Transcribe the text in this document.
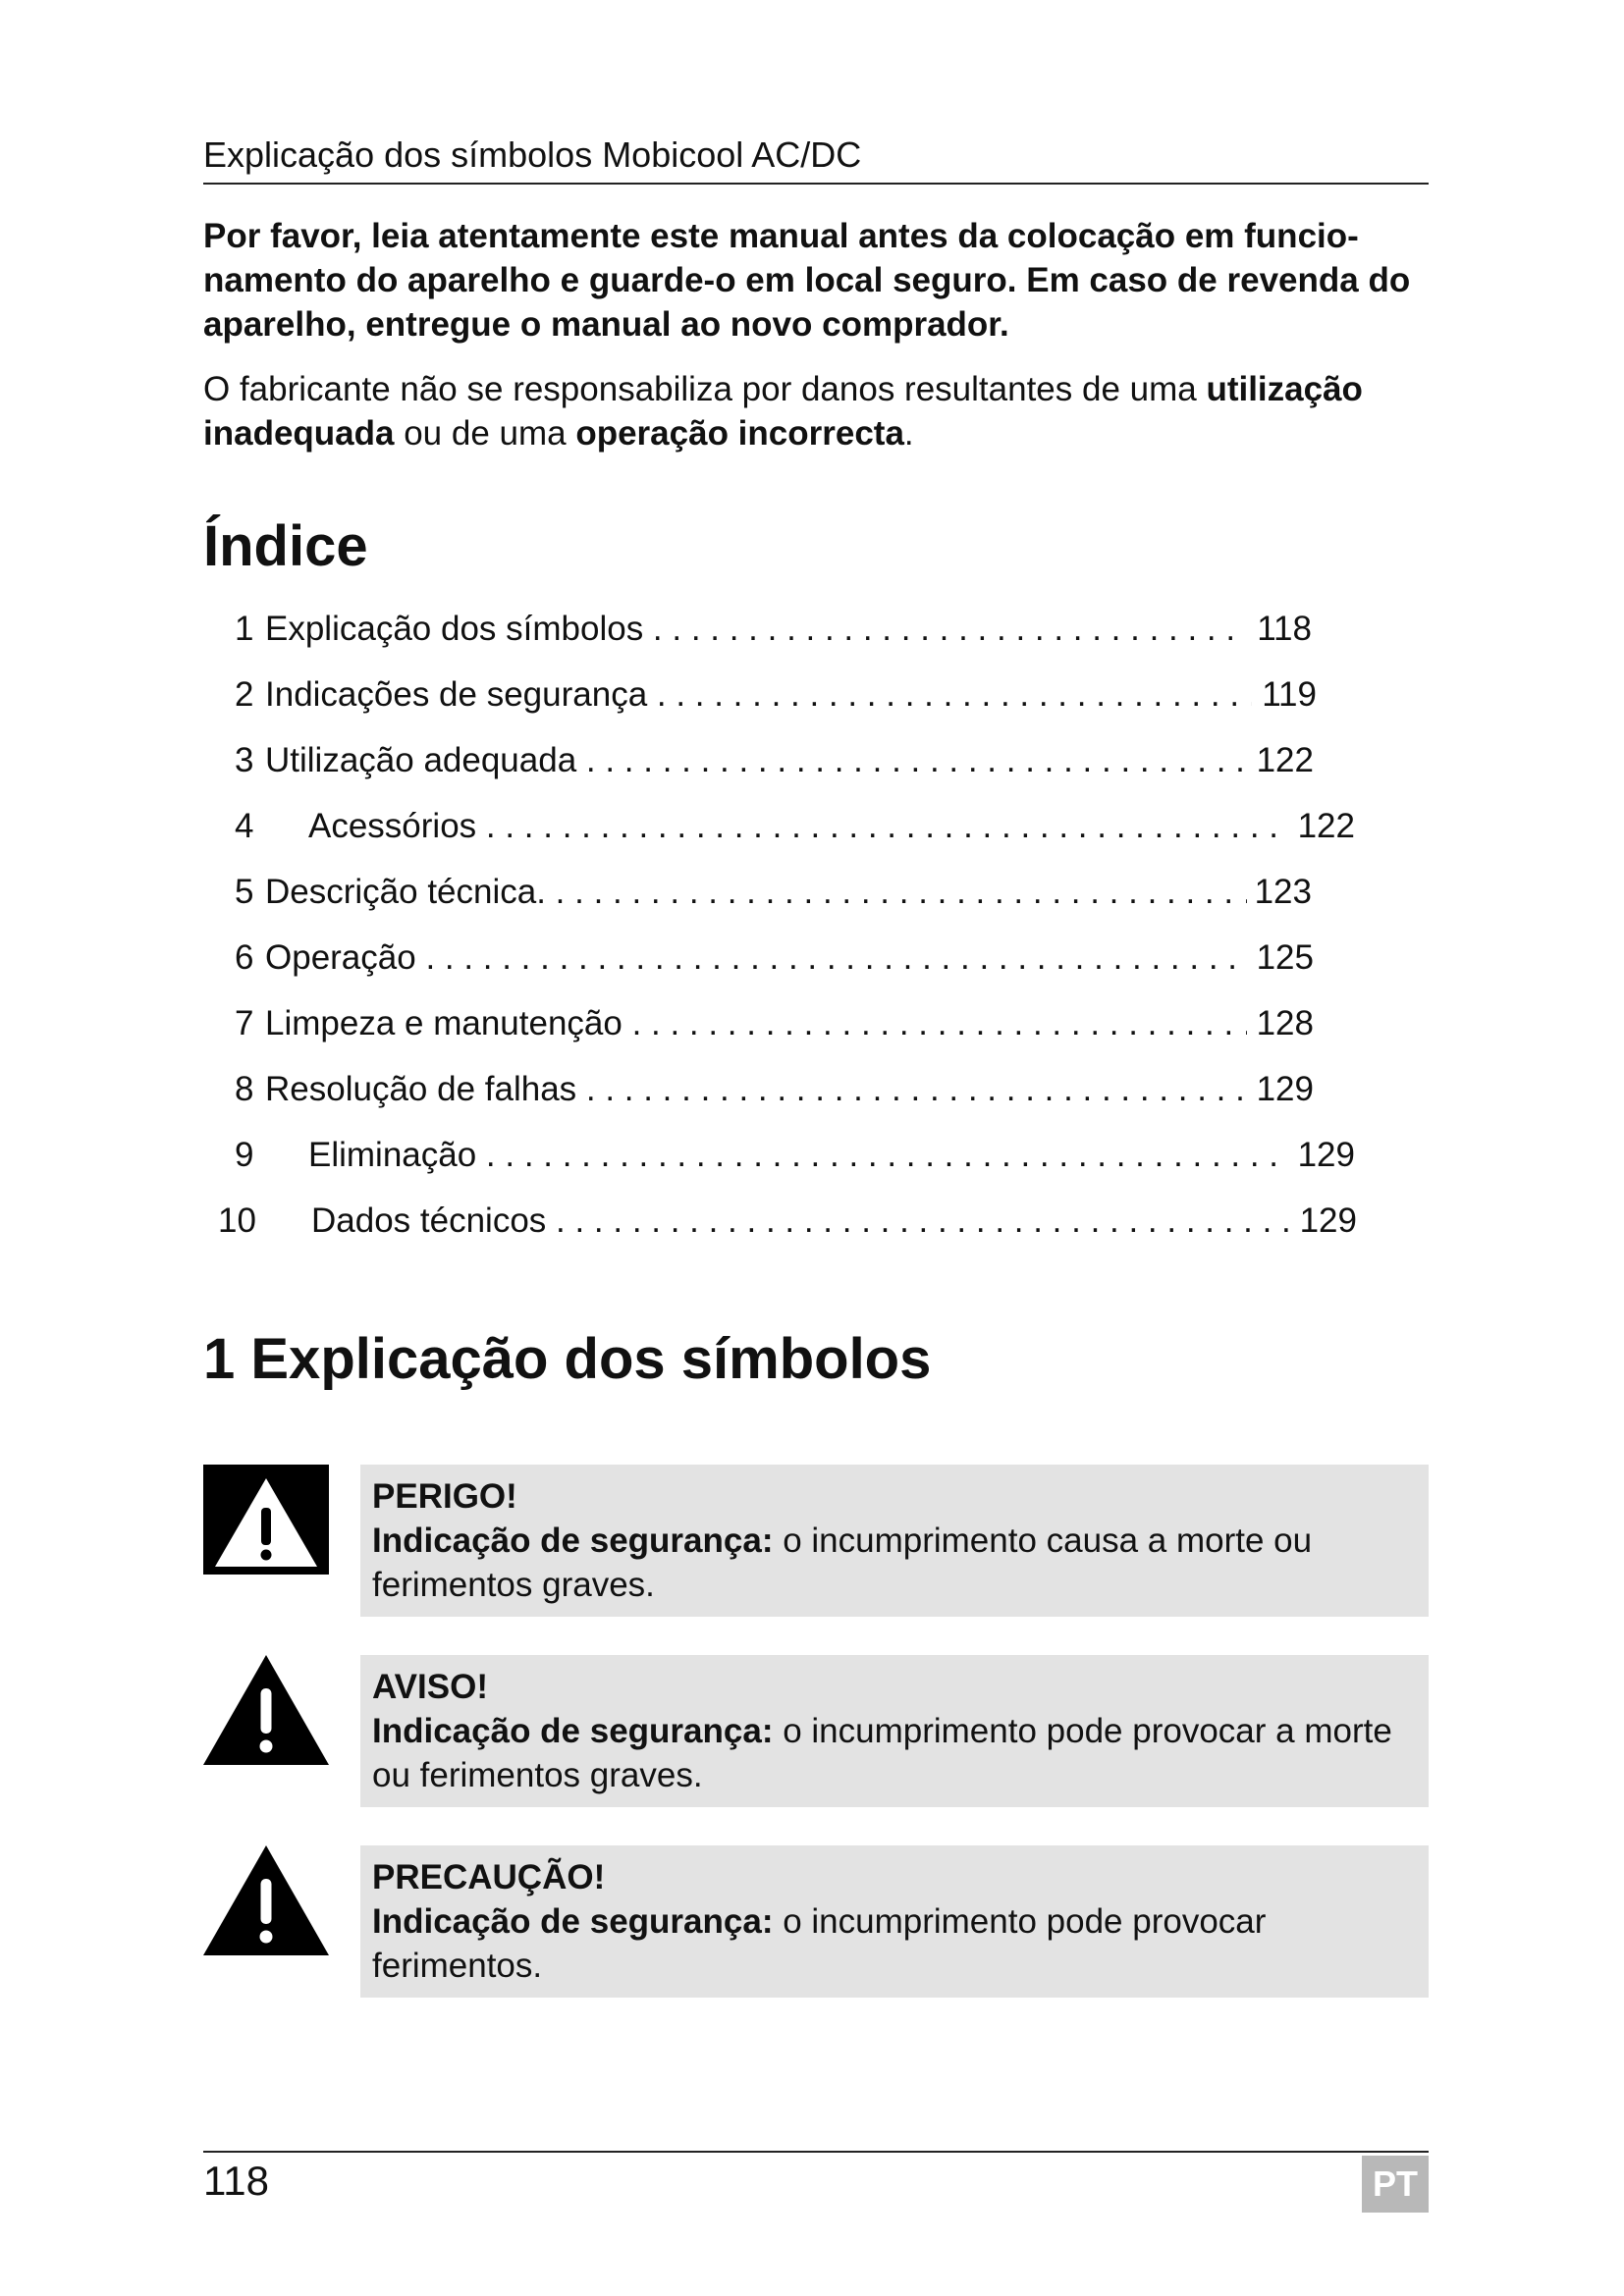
Explicação dos símbolos Mobicool AC/DC
Por favor, leia atentamente este manual antes da colocação em funcio-namento do aparelho e guarde-o em local seguro. Em caso de revenda do aparelho, entregue o manual ao novo comprador.
O fabricante não se responsabiliza por danos resultantes de uma utilização inadequada ou de uma operação incorrecta.
Índice
1 Explicação dos símbolos . . .	118
2 Indicações de segurança . . .	119
3 Utilização adequada . . .	122
4 Acessórios . . .	122
5 Descrição técnica. . . .	123
6 Operação . . .	125
7 Limpeza e manutenção . . .	128
8 Resolução de falhas . . .	129
9 Eliminação . . .	129
10 Dados técnicos . . .	129
1 Explicação dos símbolos
PERIGO!
Indicação de segurança: o incumprimento causa a morte ou ferimentos graves.
AVISO!
Indicação de segurança: o incumprimento pode provocar a morte ou ferimentos graves.
PRECAUÇÃO!
Indicação de segurança: o incumprimento pode provocar ferimentos.
118	PT
